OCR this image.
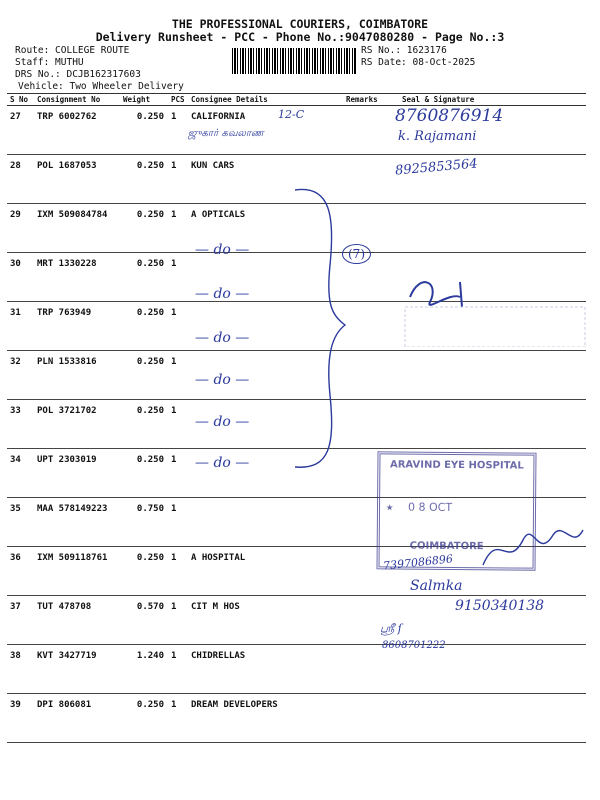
THE PROFESSIONAL COURIERS, COIMBATORE
Delivery Runsheet - PCC - Phone No.:9047080280 - Page No.:3
Route: COLLEGE ROUTE
Staff: MUTHU
DRS No.: DCJB162317603
Vehicle: Two Wheeler Delivery
RS No.: 1623176
RS Date: 08-Oct-2025
S No	Consignment No	Weight	PCS	Consignee Details	Remarks	Seal & Signature
27	TRP 6002762	0.250	1	CALIFORNIA		
28	POL 1687053	0.250	1	KUN CARS		
29	IXM 509084784	0.250	1	A OPTICALS		
30	MRT 1330228	0.250	1			
31	TRP 763949	0.250	1			
32	PLN 1533816	0.250	1			
33	POL 3721702	0.250	1			
34	UPT 2303019	0.250	1			
35	MAA 578149223	0.750	1			
36	IXM 509118761	0.250	1	A HOSPITAL		
37	TUT 478708	0.570	1	CIT M HOS		
38	KVT 3427719	1.240	1	CHIDRELLAS		
39	DPI 806081	0.250	1	DREAM DEVELOPERS		
12-C
ஜுகார் கவலாண
8760876914
k. Rajamani
8925853564
— do —
— do —
— do —
— do —
— do —
— do —
(7)
ARAVIND EYE HOSPITAL
★ 0 8 OCT
COIMBATORE
7397086896
Salmka
9150340138
ஸ்ரீ ſ
8608701222
